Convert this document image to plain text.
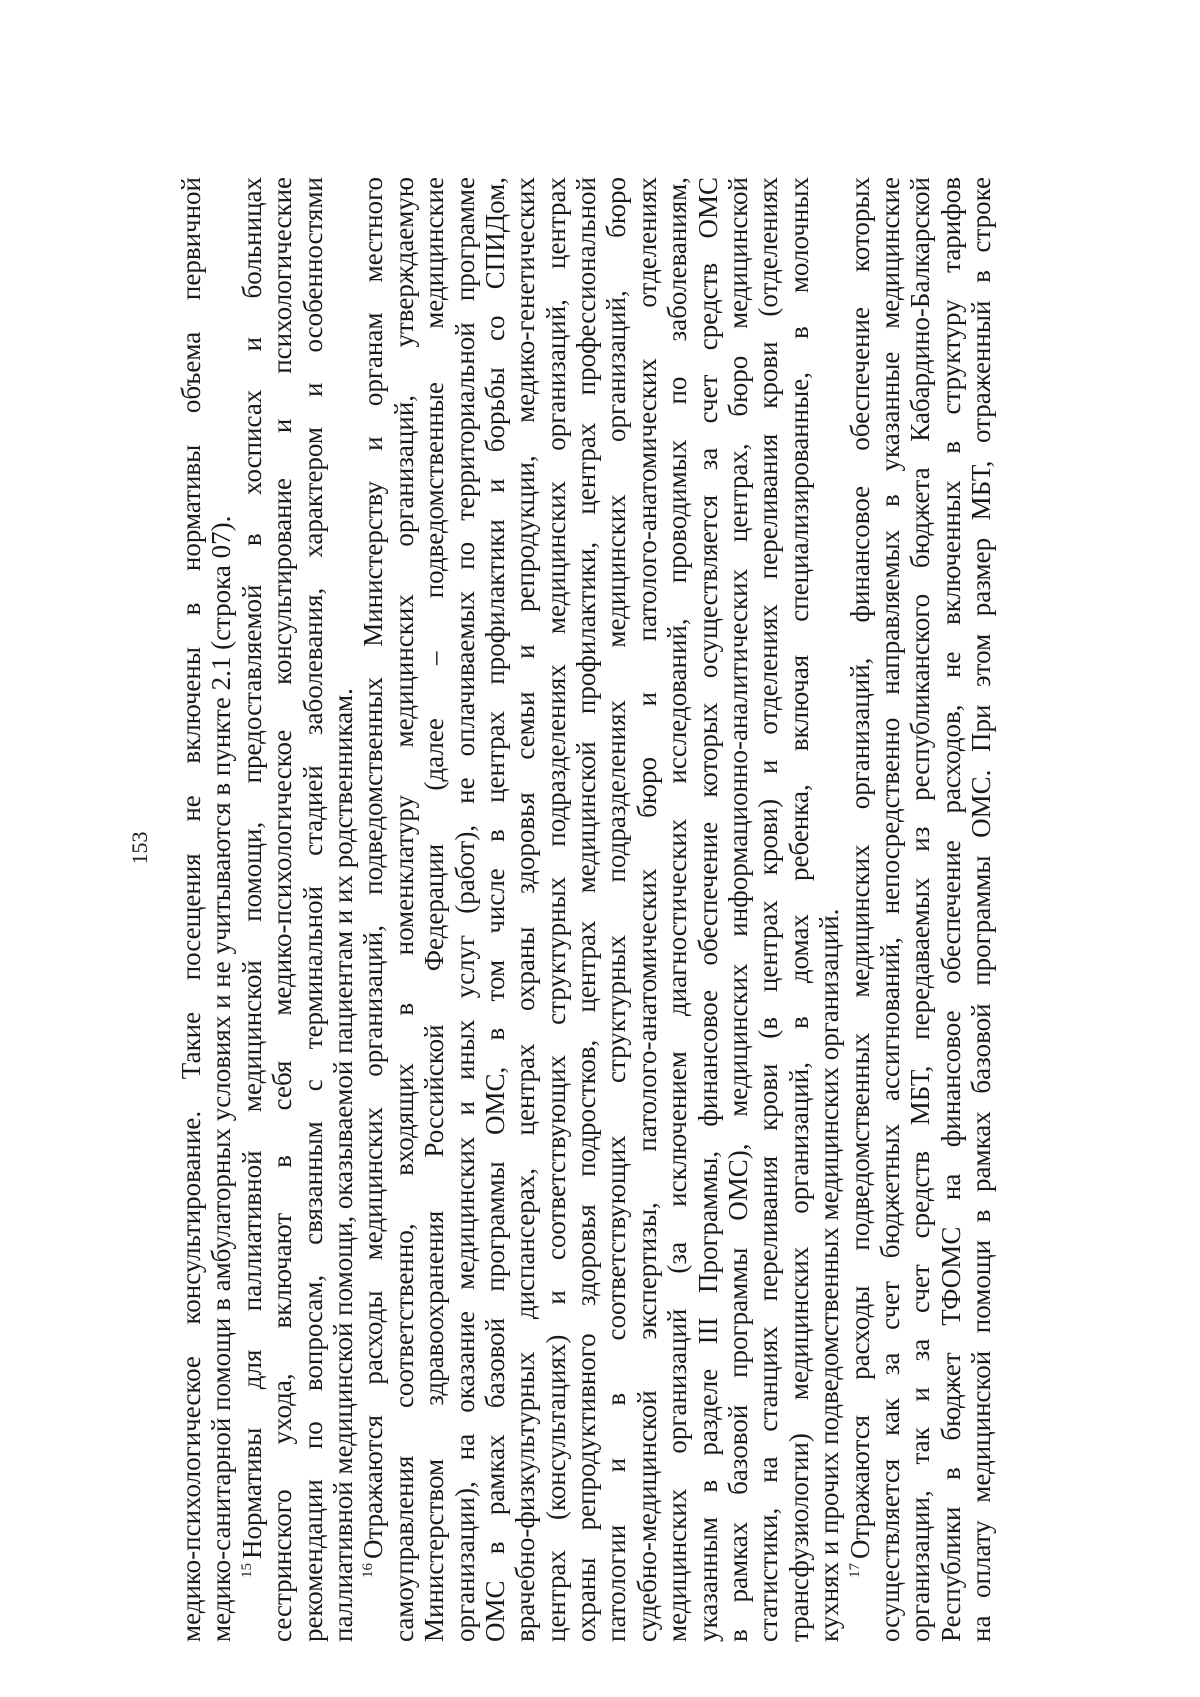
153 медико-психологическое консультирование. Такие посещения не включены в нормативы объема первичной медико-санитарной помощи в амбулаторных условиях и не учитываются в пункте 2.1 (строка 07). $^{15}$Нормативы для паллиативной медицинской помощи, предоставляемой в хосписах и больницах сестринского ухода, включают в себя медико-психологическое консультирование и психологические рекомендации по вопросам, связанным с терминальной стадией заболевания, характером и особенностями паллиативной медицинской помощи, оказываемой пациентам и их родственникам. $^{16}$Отражаются расходы медицинских организаций, подведомственных Министерству и органам местного самоуправления соответственно, входящих в номенклатуру медицинских организаций, утверждаемую Министерством здравоохранения Российской Федерации (далее – подведомственные медицинские организации), на оказание медицинских и иных услуг (работ), не оплачиваемых по территориальной программе ОМС в рамках базовой программы ОМС, в том числе в центрах профилактики и борьбы со СПИДом, врачебно-физкультурных диспансерах, центрах охраны здоровья семьи и репродукции, медико-генетических центрах (консультациях) и соответствующих структурных подразделениях медицинских организаций, центрах охраны репродуктивного здоровья подростков, центрах медицинской профилактики, центрах профессиональной патологии и в соответствующих структурных подразделениях медицинских организаций, бюро судебно-медицинской экспертизы, патолого-анатомических бюро и патолого-анатомических отделениях медицинских организаций (за исключением диагностических исследований, проводимых по заболеваниям, указанным в разделе III Программы, финансовое обеспечение которых осуществляется за счет средств ОМС в рамках базовой программы ОМС), медицинских информационно-аналитических центрах, бюро медицинской статистики, на станциях переливания крови (в центрах крови) и отделениях переливания крови (отделениях трансфузиологии) медицинских организаций, в домах ребенка, включая специализированные, в молочных кухнях и прочих подведомственных медицинских организаций. $^{17}$Отражаются расходы подведомственных медицинских организаций, финансовое обеспечение которых осуществляется как за счет бюджетных ассигнований, непосредственно направляемых в указанные медицинские организации, так и за счет средств МБТ, передаваемых из республиканского бюджета Кабардино-Балкарской Республики в бюджет ТФОМС на финансовое обеспечение расходов, не включенных в структуру тарифов на оплату медицинской помощи в рамках базовой программы ОМС. При этом размер МБТ, отраженный в строке
